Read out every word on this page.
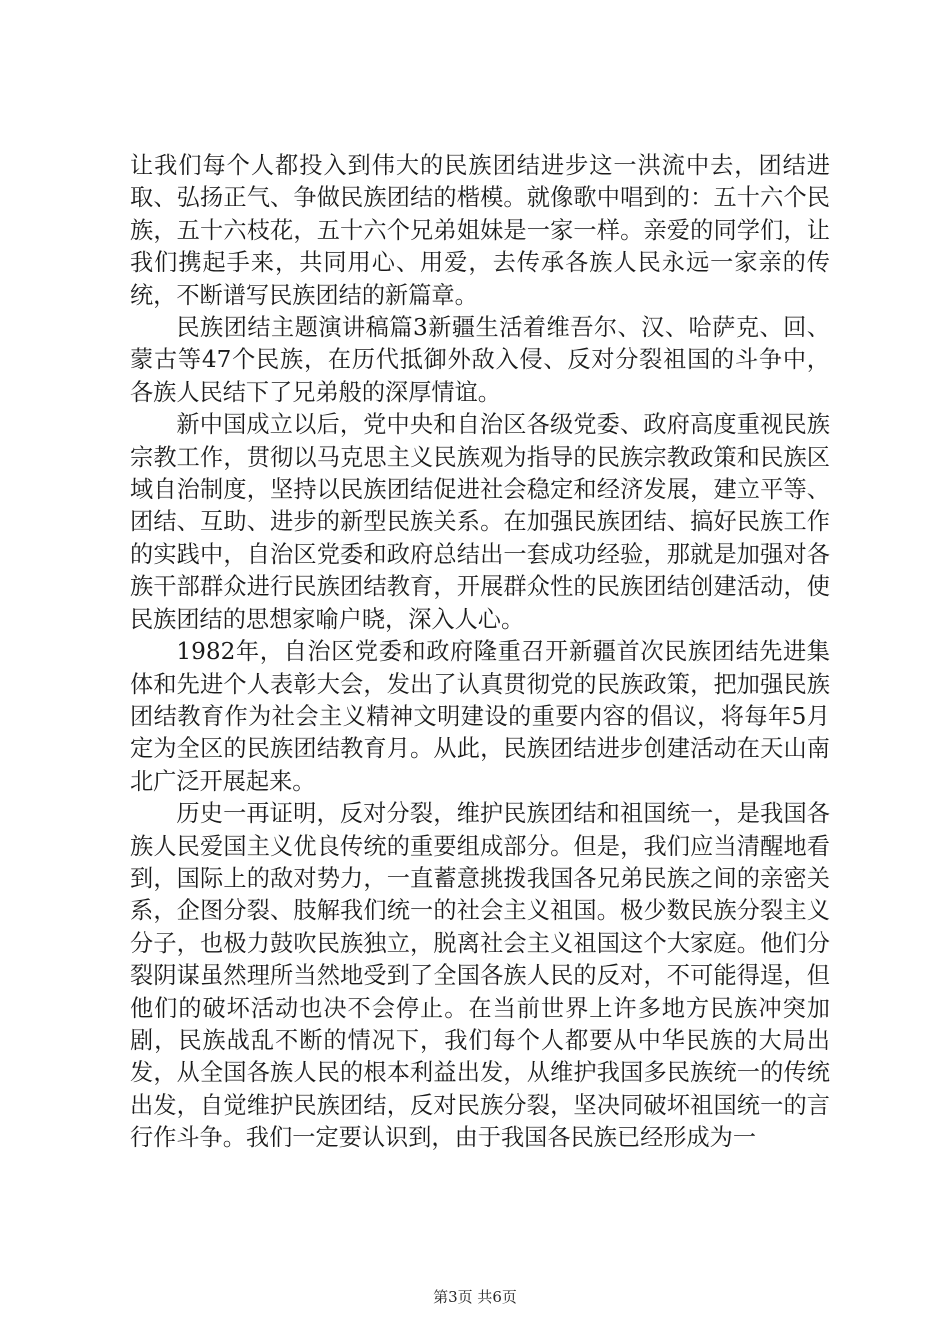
让我们每个人都投入到伟大的民族团结进步这一洪流中去，团结进取、弘扬正气、争做民族团结的楷模。就像歌中唱到的：五十六个民族，五十六枝花，五十六个兄弟姐妹是一家一样。亲爱的同学们，让我们携起手来，共同用心、用爱，去传承各族人民永远一家亲的传统，不断谱写民族团结的新篇章。

民族团结主题演讲稿篇3新疆生活着维吾尔、汉、哈萨克、回、蒙古等47个民族，在历代抵御外敌入侵、反对分裂祖国的斗争中，各族人民结下了兄弟般的深厚情谊。

新中国成立以后，党中央和自治区各级党委、政府高度重视民族宗教工作，贯彻以马克思主义民族观为指导的民族宗教政策和民族区域自治制度，坚持以民族团结促进社会稳定和经济发展，建立平等、团结、互助、进步的新型民族关系。在加强民族团结、搞好民族工作的实践中，自治区党委和政府总结出一套成功经验，那就是加强对各族干部群众进行民族团结教育，开展群众性的民族团结创建活动，使民族团结的思想家喻户晓，深入人心。

1982年，自治区党委和政府隆重召开新疆首次民族团结先进集体和先进个人表彰大会，发出了认真贯彻党的民族政策，把加强民族团结教育作为社会主义精神文明建设的重要内容的倡议，将每年5月定为全区的民族团结教育月。从此，民族团结进步创建活动在天山南北广泛开展起来。

历史一再证明，反对分裂，维护民族团结和祖国统一，是我国各族人民爱国主义优良传统的重要组成部分。但是，我们应当清醒地看到，国际上的敌对势力，一直蓄意挑拨我国各兄弟民族之间的亲密关系，企图分裂、肢解我们统一的社会主义祖国。极少数民族分裂主义分子，也极力鼓吹民族独立，脱离社会主义祖国这个大家庭。他们分裂阴谋虽然理所当然地受到了全国各族人民的反对，不可能得逞，但他们的破坏活动也决不会停止。在当前世界上许多地方民族冲突加剧，民族战乱不断的情况下，我们每个人都要从中华民族的大局出发，从全国各族人民的根本利益出发，从维护我国多民族统一的传统出发，自觉维护民族团结，反对民族分裂，坚决同破坏祖国统一的言行作斗争。我们一定要认识到，由于我国各民族已经形成为一

第3页 共6页
